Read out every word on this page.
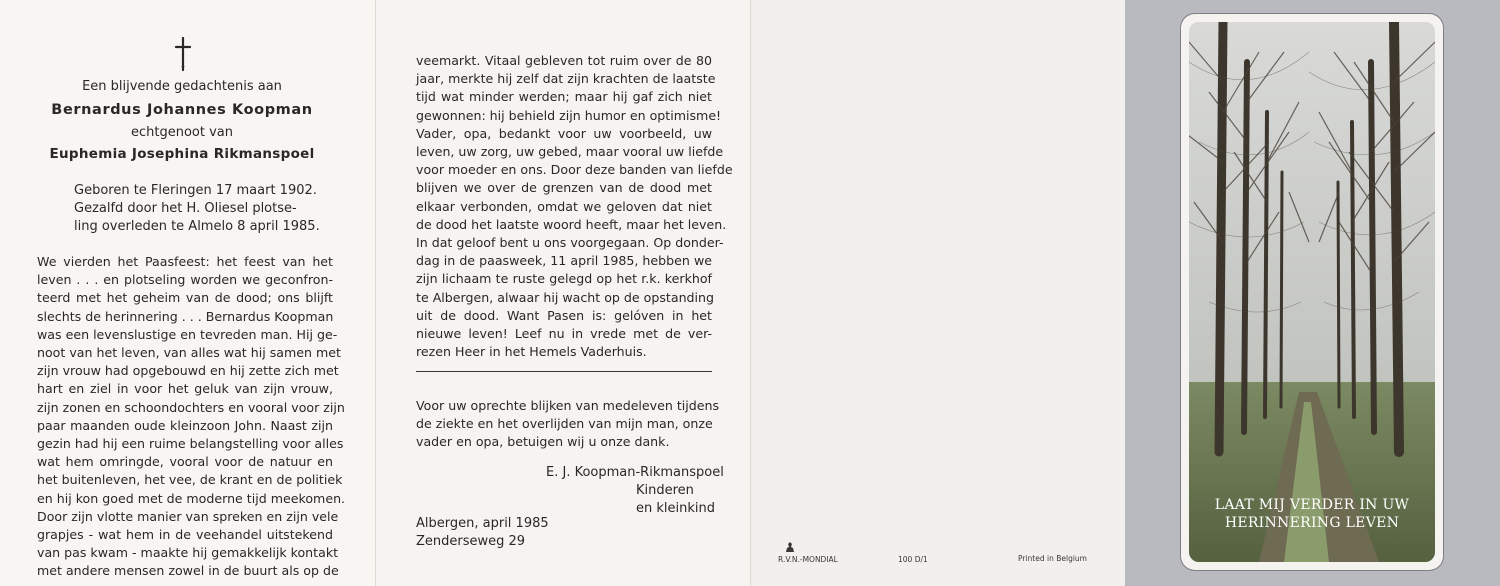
Een blijvende gedachtenis aan
Bernardus Johannes Koopman
echtgenoot van
Euphemia Josephina Rikmanspoel
Geboren te Fleringen 17 maart 1902.
Gezalfd door het H. Oliesel plotse-
ling overleden te Almelo 8 april 1985.
We vierden het Paasfeest: het feest van het
leven . . . en plotseling worden we geconfron-
teerd met het geheim van de dood; ons blijft
slechts de herinnering . . . Bernardus Koopman
was een levenslustige en tevreden man. Hij ge-
noot van het leven, van alles wat hij samen met
zijn vrouw had opgebouwd en hij zette zich met
hart en ziel in voor het geluk van zijn vrouw,
zijn zonen en schoondochters en vooral voor zijn
paar maanden oude kleinzoon John. Naast zijn
gezin had hij een ruime belangstelling voor alles
wat hem omringde, vooral voor de natuur en
het buitenleven, het vee, de krant en de politiek
en hij kon goed met de moderne tijd meekomen.
Door zijn vlotte manier van spreken en zijn vele
grapjes - wat hem in de veehandel uitstekend
van pas kwam - maakte hij gemakkelijk kontakt
met andere mensen zowel in de buurt als op de
veemarkt. Vitaal gebleven tot ruim over de 80
jaar, merkte hij zelf dat zijn krachten de laatste
tijd wat minder werden; maar hij gaf zich niet
gewonnen: hij behield zijn humor en optimisme!
Vader, opa, bedankt voor uw voorbeeld, uw
leven, uw zorg, uw gebed, maar vooral uw liefde
voor moeder en ons. Door deze banden van liefde
blijven we over de grenzen van de dood met
elkaar verbonden, omdat we geloven dat niet
de dood het laatste woord heeft, maar het leven.
In dat geloof bent u ons voorgegaan. Op donder-
dag in de paasweek, 11 april 1985, hebben we
zijn lichaam te ruste gelegd op het r.k. kerkhof
te Albergen, alwaar hij wacht op de opstanding
uit de dood. Want Pasen is: gelóven in het
nieuwe leven! Leef nu in vrede met de ver-
rezen Heer in het Hemels Vaderhuis.
Voor uw oprechte blijken van medeleven tijdens
de ziekte en het overlijden van mijn man, onze
vader en opa, betuigen wij u onze dank.
E. J. Koopman-Rikmanspoel
Kinderen
en kleinkind
Albergen, april 1985
Zenderseweg 29
R.V.N.-MONDIAL	100 D/1	Printed in Belgium
LAAT MIJ VERDER IN UW
HERINNERING LEVEN
